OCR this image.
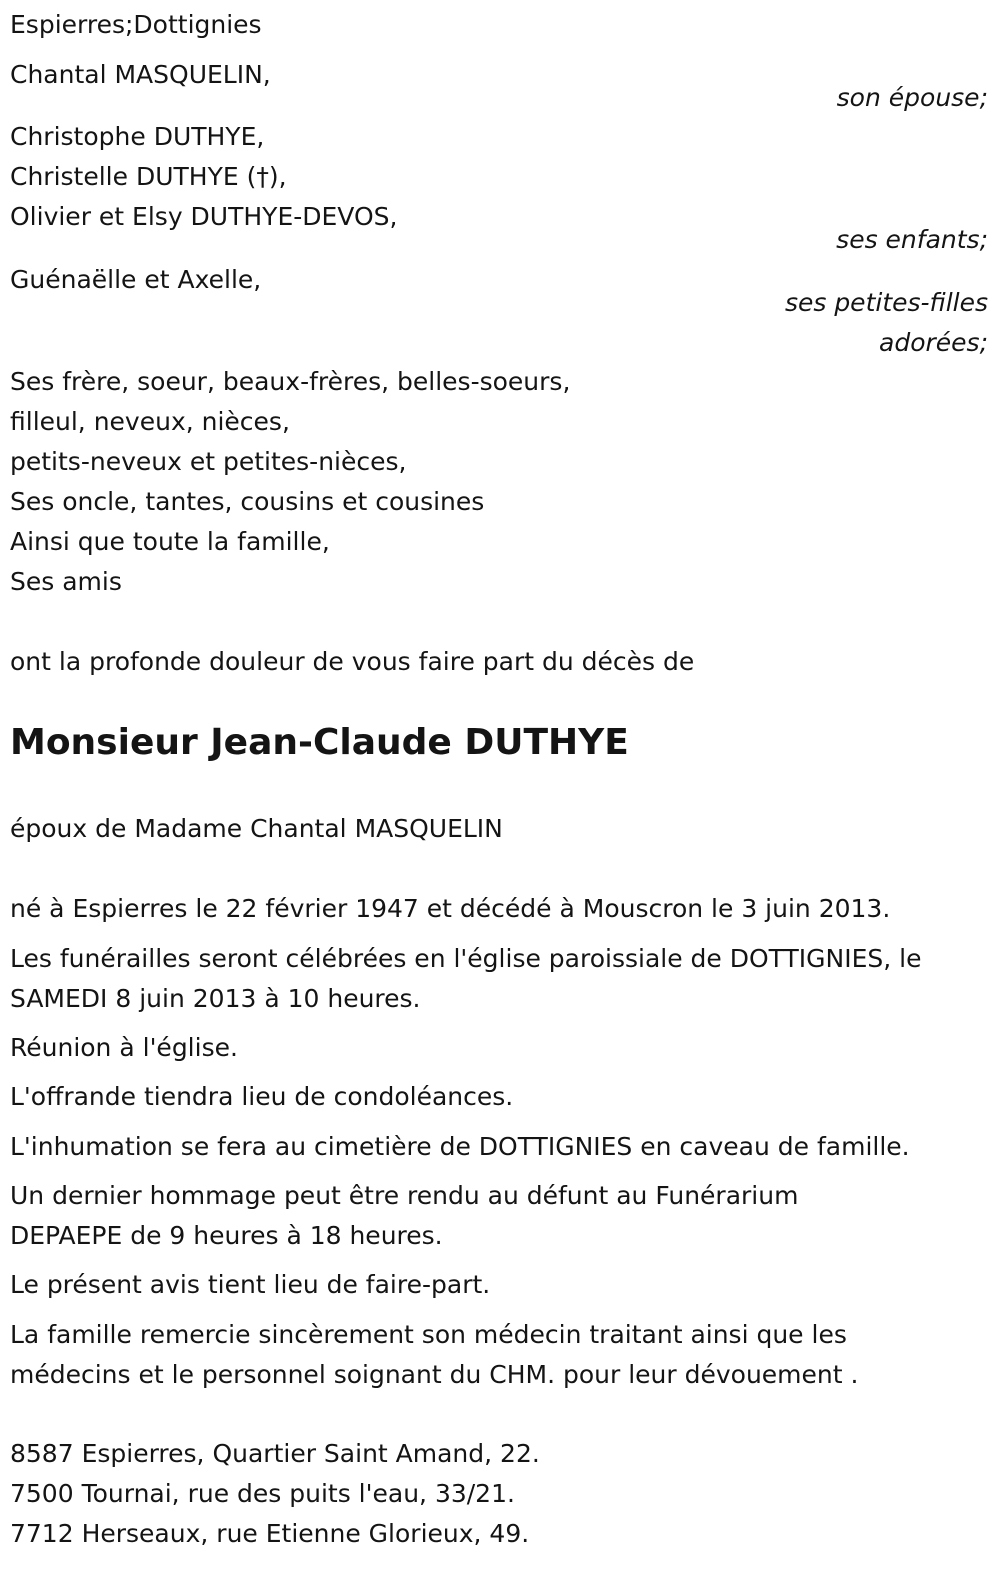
Espierres;Dottignies
Chantal MASQUELIN,
son épouse;
Christophe DUTHYE,
Christelle DUTHYE (†),
Olivier et Elsy DUTHYE-DEVOS,
ses enfants;
Guénaëlle et Axelle,
ses petites-filles
adorées;
Ses frère, soeur, beaux-frères, belles-soeurs,
filleul, neveux, nièces,
petits-neveux et petites-nièces,
Ses oncle, tantes, cousins et cousines
Ainsi que toute la famille,
Ses amis
ont la profonde douleur de vous faire part du décès de
Monsieur Jean-Claude DUTHYE
époux de Madame Chantal MASQUELIN
né à Espierres le 22 février 1947 et décédé à Mouscron le 3 juin 2013.
Les funérailles seront célébrées en l'église paroissiale de DOTTIGNIES, le SAMEDI 8 juin 2013 à 10 heures.
Réunion à l'église.
L'offrande tiendra lieu de condoléances.
L'inhumation se fera au cimetière de DOTTIGNIES en caveau de famille.
Un dernier hommage peut être rendu au défunt au Funérarium DEPAEPE de 9 heures à 18 heures.
Le présent avis tient lieu de faire-part.
La famille remercie sincèrement son médecin traitant ainsi que les médecins et le personnel soignant du CHM. pour leur dévouement .
8587 Espierres, Quartier Saint Amand, 22.
7500 Tournai, rue des puits l'eau, 33/21.
7712 Herseaux, rue Etienne Glorieux, 49.
